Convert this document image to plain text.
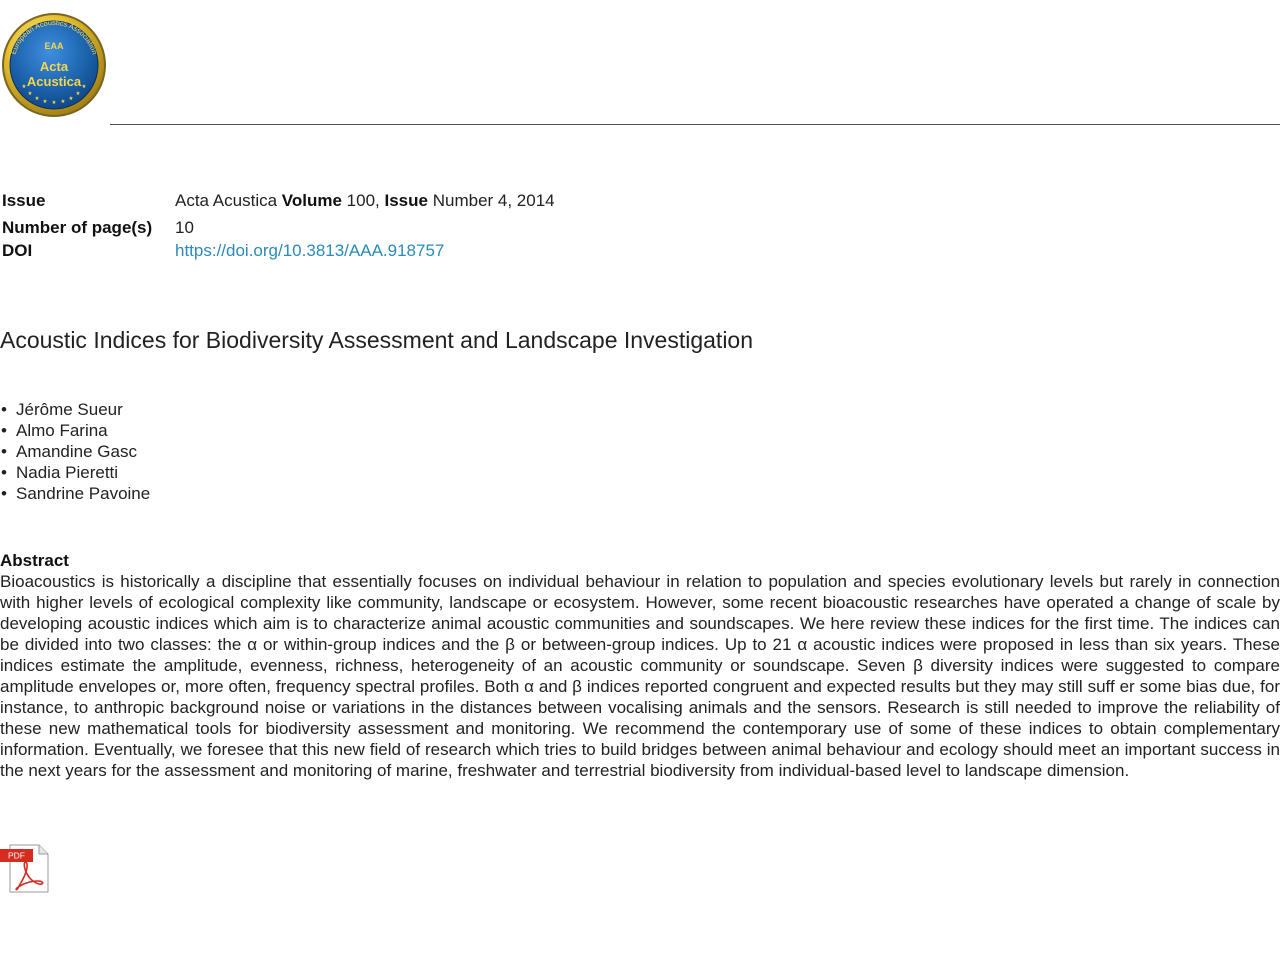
European Acoustics Association
EAA
Acta
Acustica
★
★
★ ★ ★ ★ ★
★
★
Issue	Acta Acustica Volume 100, Issue Number 4, 2014
Number of page(s) 10
DOI	https://doi.org/10.3813/AAA.918757
Acoustic Indices for Biodiversity Assessment and Landscape Investigation
• Jérôme Sueur
• Almo Farina
• Amandine Gasc
• Nadia Pieretti
• Sandrine Pavoine
Abstract

Bioacoustics is historically a discipline that essentially focuses on individual behaviour in relation to population and species evolutionary levels but rarely in connection with higher levels of ecological complexity like community, landscape or ecosystem. However, some recent bioacoustic researches have operated a change of scale by developing acoustic indices which aim is to characterize animal acoustic communities and soundscapes. We here review these indices for the first time. The indices can be divided into two classes: the α or within-group indices and the β or between-group indices. Up to 21 α acoustic indices were proposed in less than six years. These indices estimate the amplitude, evenness, richness, heterogeneity of an acoustic community or soundscape. Seven β diversity indices were suggested to compare amplitude envelopes or, more often, frequency spectral profiles. Both α and β indices reported congruent and expected results but they may still suff er some bias due, for instance, to anthropic background noise or variations in the distances between vocalising animals and the sensors. Research is still needed to improve the reliability of these new mathematical tools for biodiversity assessment and monitoring. We recommend the contemporary use of some of these indices to obtain complementary information. Eventually, we foresee that this new field of research which tries to build bridges between animal behaviour and ecology should meet an important success in the next years for the assessment and monitoring of marine, freshwater and terrestrial biodiversity from individual-based level to landscape dimension.

PDF
